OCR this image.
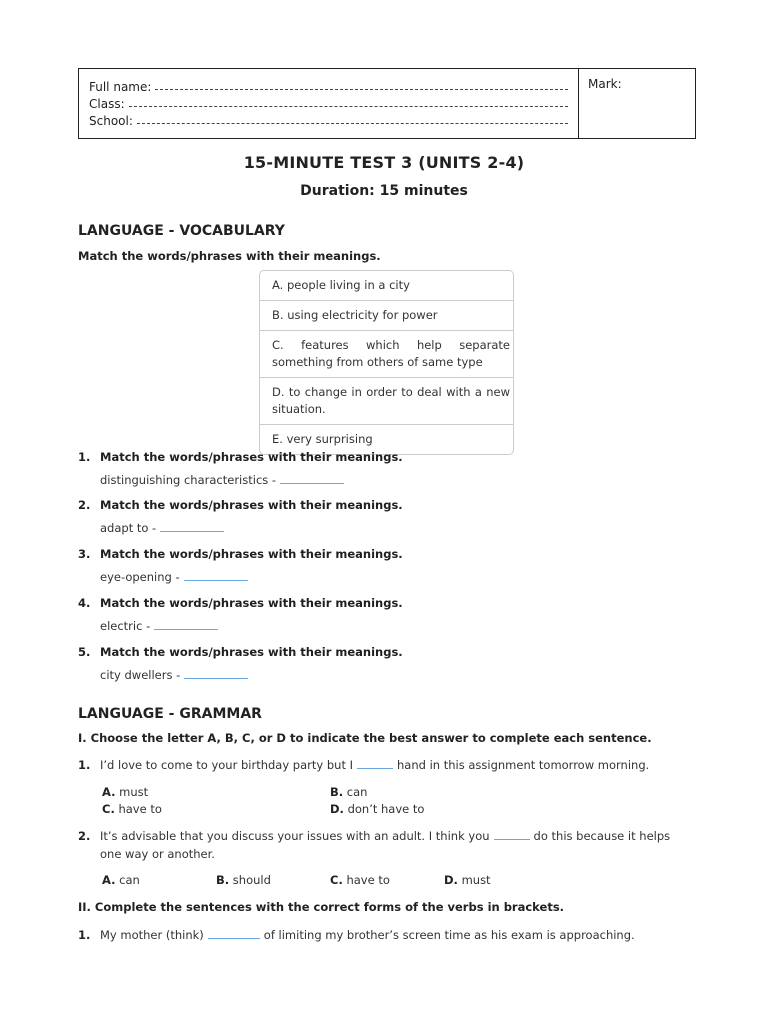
Full name:
Class:
School:
Mark:
15-MINUTE TEST 3 (UNITS 2-4)
Duration: 15 minutes
LANGUAGE - VOCABULARY
Match the words/phrases with their meanings.
A. people living in a city
B. using electricity for power
C. features which help separate something from others of same type
D. to change in order to deal with a new situation.
E. very surprising
1. Match the words/phrases with their meanings.
distinguishing characteristics -
2. Match the words/phrases with their meanings.
adapt to -
3. Match the words/phrases with their meanings.
eye-opening -
4. Match the words/phrases with their meanings.
electric -
5. Match the words/phrases with their meanings.
city dwellers -
LANGUAGE - GRAMMAR
I. Choose the letter A, B, C, or D to indicate the best answer to complete each sentence.
1. I’d love to come to your birthday party but I	hand in this assignment tomorrow morning.
A. must	B. can
C. have to	D. don’t have to
2. It’s advisable that you discuss your issues with an adult. I think you	do this because it helps one way or another.
A. can	B. should	C. have to	D. must
II. Complete the sentences with the correct forms of the verbs in brackets.
1. My mother (think)	of limiting my brother’s screen time as his exam is approaching.
